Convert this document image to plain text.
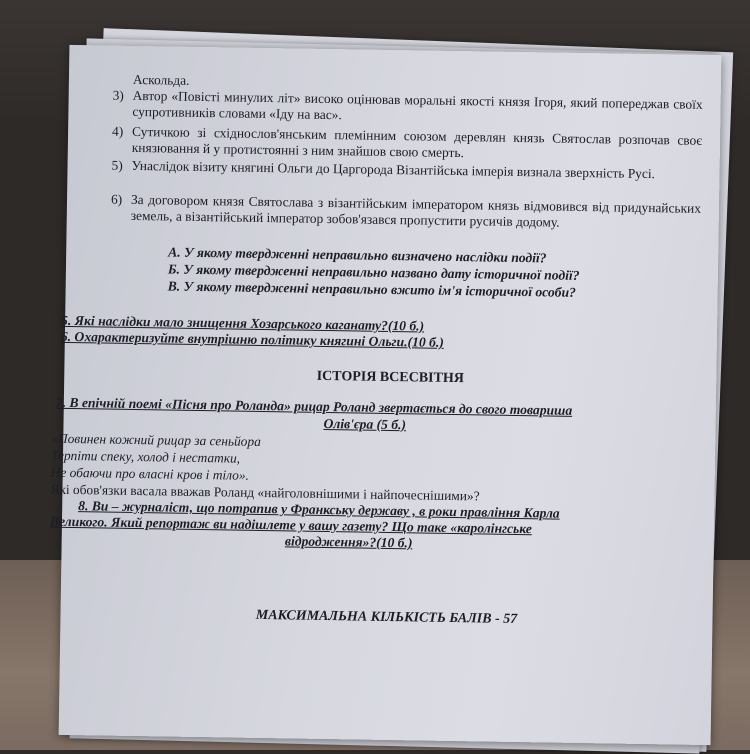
Аскольда.
3) Автор «Повісті минулих літ» високо оцінював моральні якості князя Ігоря, який попереджав своїх супротивників словами «Іду на вас».
4) Сутичкою зі східнослов'янським племінним союзом деревлян князь Святослав розпочав своє князювання й у протистоянні з ним знайшов свою смерть.
5) Унаслідок візиту княгині Ольги до Царгорода Візантійська імперія визнала зверхність Русі.
6) За договором князя Святослава з візантійським імператором князь відмовився від придунайських земель, а візантійський імператор зобов'язався пропустити русичів додому.
А. У якому твердженні неправильно визначено наслідки події?
Б. У якому твердженні неправильно названо дату історичної події?
В. У якому твердженні неправильно вжито ім'я історичної особи?
5. Які наслідки мало знищення Хозарського каганату?(10 б.)
6. Охарактеризуйте внутрішню політику княгині Ольги.(10 б.)
ІСТОРІЯ ВСЕСВІТНЯ
7. В епічній поемі «Пісня про Роланда» рицар Роланд звертається до свого товариша
Олів'єра (5 б.)
«Повинен кожний рицар за сеньйора
Терпіти спеку, холод і нестатки,
Не обаючи про власні кров і тіло».
Які обов'язки васала вважав Роланд «найголовнішими і найпочеснішими»?
8. Ви – журналіст, що потрапив у Франкську державу , в роки правління Карла
Великого. Який репортаж ви надішлете у вашу газету? Що таке «каролінгське
відродження»?(10 б.)
МАКСИМАЛЬНА КІЛЬКІСТЬ БАЛІВ - 57
